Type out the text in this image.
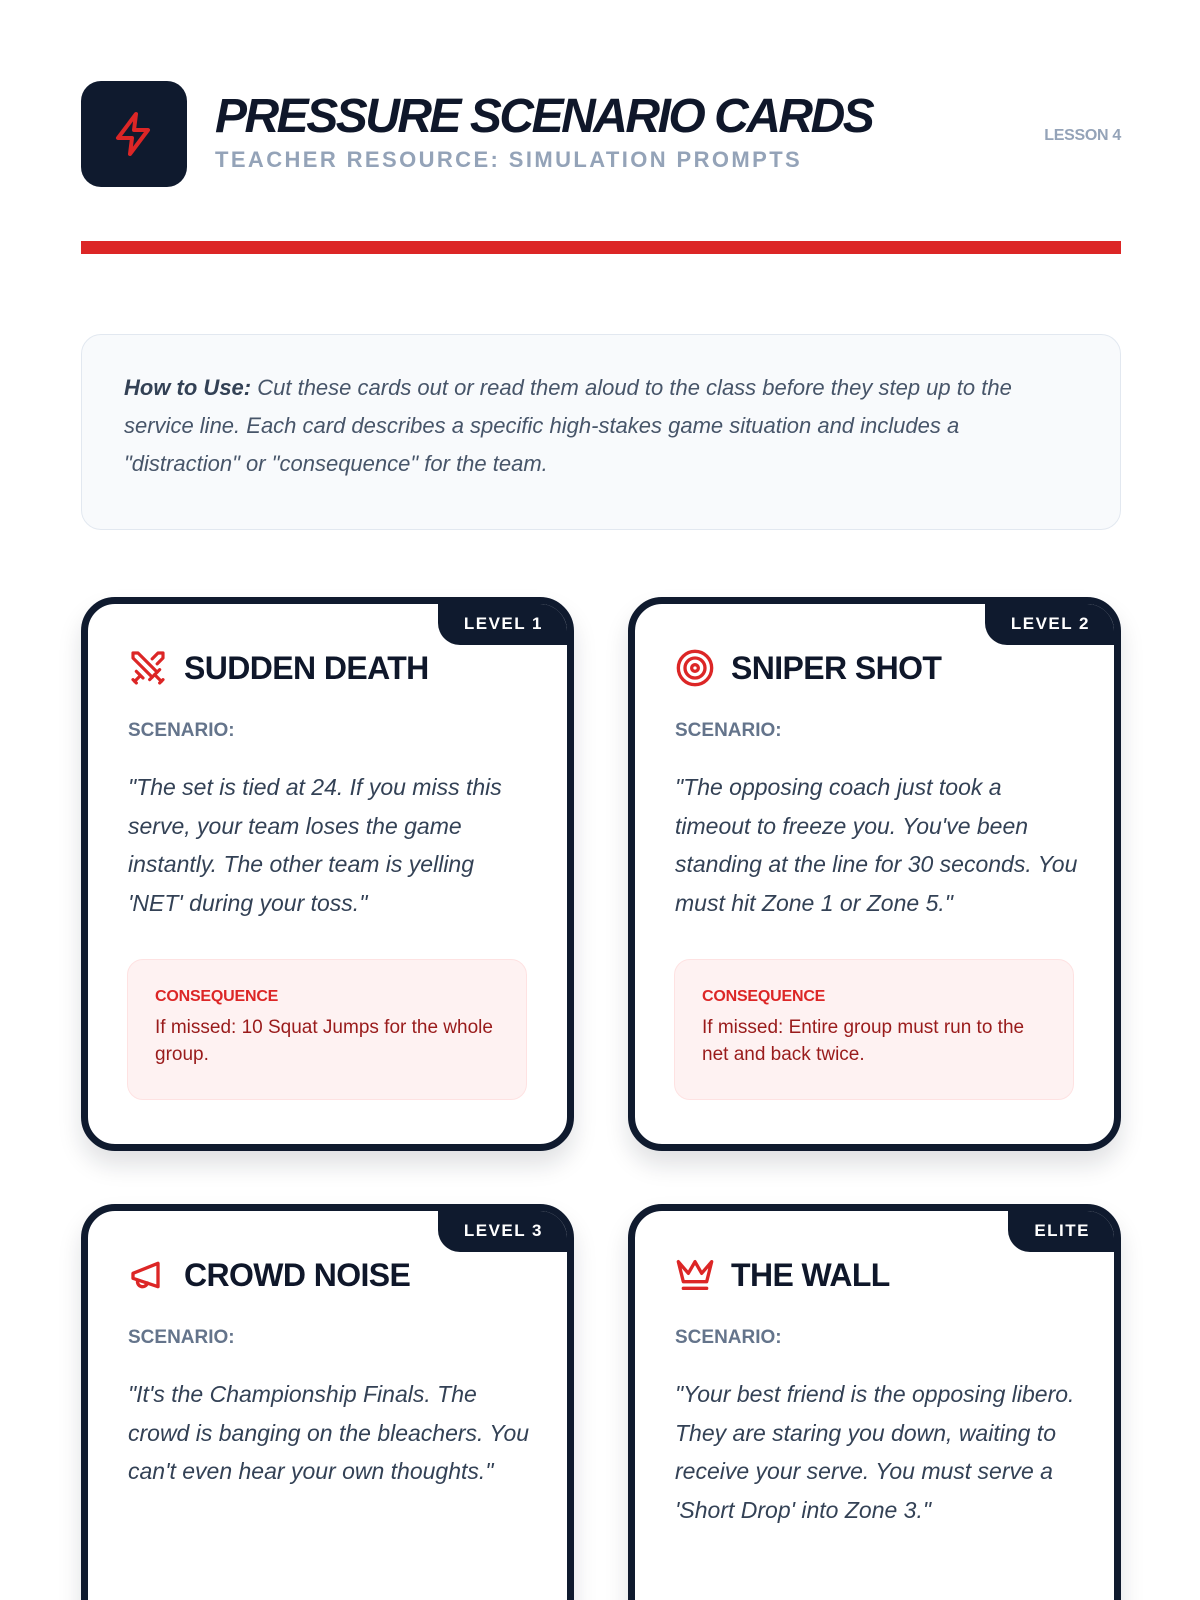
PRESSURE SCENARIO CARDS
TEACHER RESOURCE: SIMULATION PROMPTS
LESSON 4
How to Use: Cut these cards out or read them aloud to the class before they step up to the service line. Each card describes a specific high-stakes game situation and includes a "distraction" or "consequence" for the team.
LEVEL 1
SUDDEN DEATH
SCENARIO:
"The set is tied at 24. If you miss this serve, your team loses the game instantly. The other team is yelling 'NET' during your toss."
CONSEQUENCE
If missed: 10 Squat Jumps for the whole group.
LEVEL 2
SNIPER SHOT
SCENARIO:
"The opposing coach just took a timeout to freeze you. You've been standing at the line for 30 seconds. You must hit Zone 1 or Zone 5."
CONSEQUENCE
If missed: Entire group must run to the net and back twice.
LEVEL 3
CROWD NOISE
SCENARIO:
"It's the Championship Finals. The crowd is banging on the bleachers. You can't even hear your own thoughts."
ELITE
THE WALL
SCENARIO:
"Your best friend is the opposing libero. They are staring you down, waiting to receive your serve. You must serve a 'Short Drop' into Zone 3."
